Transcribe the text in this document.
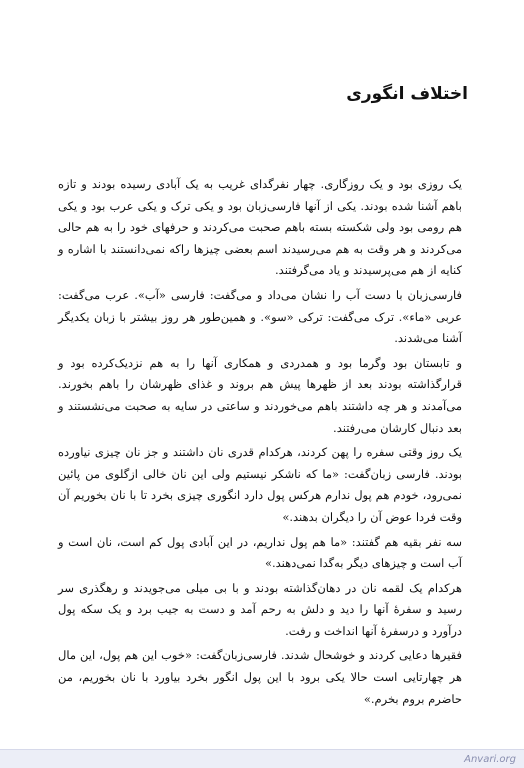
اختلاف انگوری

یک روزی بود و یک روزگاری. چهار نفرگدای غریب به یک آبادی رسیده بودند و تازه باهم آشنا شده بودند. یکی از آنها فارسی‌زبان بود و یکی ترک و یکی عرب بود و یکی هم رومی بود ولی شکسته بسته باهم صحبت می‌کردند و حرفهای خود را به هم حالی می‌کردند و هر وقت به هم می‌رسیدند اسم بعضی چیزها راکه نمی‌دانستند با اشاره و کنایه از هم می‌پرسیدند و یاد می‌گرفتند.

فارسی‌زبان با دست آب را نشان می‌داد و می‌گفت: فارسی «آب». عرب می‌گفت: عربی «ماء». ترک می‌گفت: ترکی «سو». و همین‌طور هر روز بیشتر با زبان یکدیگر آشنا می‌شدند.

و تابستان بود وگرما بود و همدردی و همکاری آنها را به هم نزدیک‌کرده بود و قرارگذاشته بودند بعد از ظهرها پیش هم بروند و غذای ظهرشان را باهم بخورند. می‌آمدند و هر چه داشتند باهم می‌خوردند و ساعتی در سایه به صحبت می‌نشستند و بعد دنبال کارشان می‌رفتند.

یک روز وقتی سفره را پهن کردند، هرکدام قدری نان داشتند و جز نان چیزی نیاورده بودند. فارسی زبان‌گفت: «ما که ناشکر نیستیم ولی این نان خالی ازگلوی من پائین نمی‌رود، خودم هم پول ندارم هرکس پول دارد انگوری چیزی بخرد تا با نان بخوریم آن وقت فردا عوض آن را دیگران بدهند.»

سه نفر بقیه هم گفتند: «ما هم پول نداریم، در این آبادی پول کم است، نان است و آب است و چیزهای دیگر به‌گدا نمی‌دهند.»

هرکدام یک لقمه نان در دهان‌گذاشته بودند و با بی میلی می‌جویدند و رهگذری سر رسید و سفرهٔ آنها را دید و دلش به رحم آمد و دست به جیب برد و یک سکه پول درآورد و درسفرهٔ آنها انداخت و رفت.

فقیرها دعایی کردند و خوشحال شدند. فارسی‌زبان‌گفت: «خوب این هم پول، این مال هر چهارتایی است حالا یکی برود با این پول انگور بخرد بیاورد با نان بخوریم، من حاضرم بروم بخرم.»

Anvari.org
